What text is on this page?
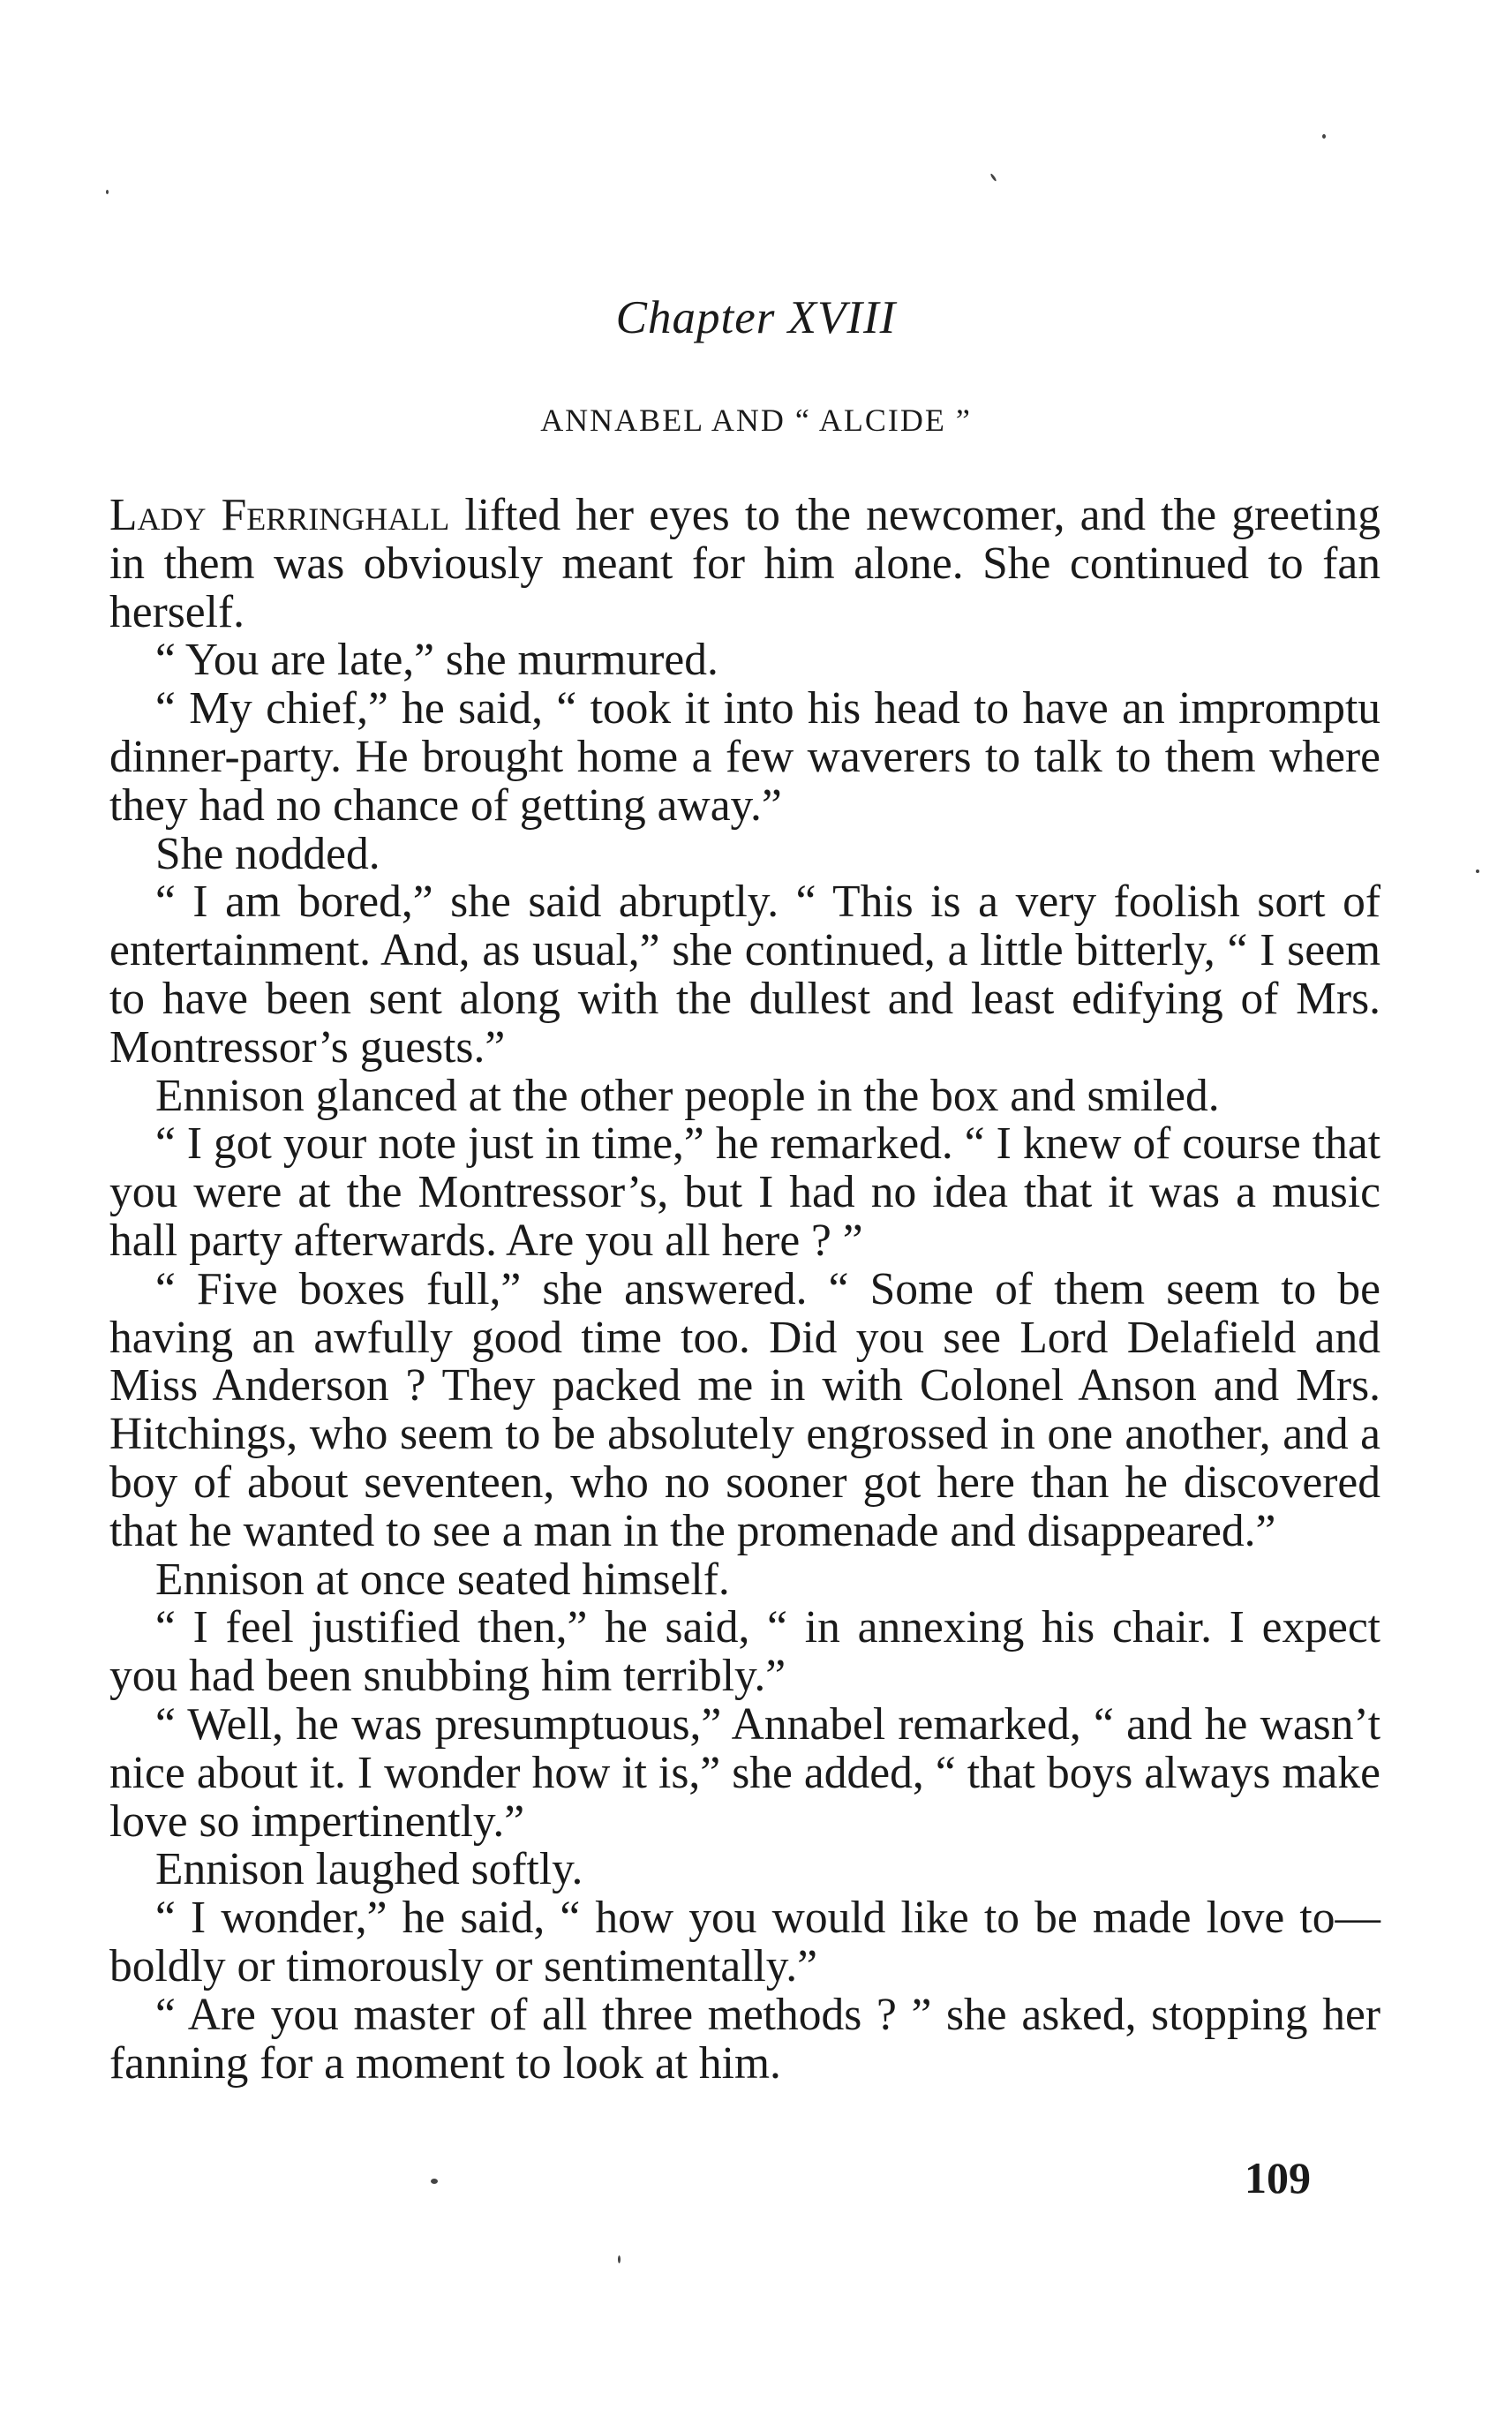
Chapter XVIII
ANNABEL AND “ ALCIDE ”

Lady Ferringhall lifted her eyes to the newcomer, and the greeting in them was obviously meant for him alone. She continued to fan herself.

“ You are late,” she murmured.

“ My chief,” he said, “ took it into his head to have an impromptu dinner-party. He brought home a few waverers to talk to them where they had no chance of getting away.”

She nodded.

“ I am bored,” she said abruptly. “ This is a very foolish sort of entertainment. And, as usual,” she continued, a little bitterly, “ I seem to have been sent along with the dullest and least edifying of Mrs. Montressor’s guests.”

Ennison glanced at the other people in the box and smiled.

“ I got your note just in time,” he remarked. “ I knew of course that you were at the Montressor’s, but I had no idea that it was a music hall party afterwards. Are you all here ? ”

“ Five boxes full,” she answered. “ Some of them seem to be having an awfully good time too. Did you see Lord Delafield and Miss Anderson ? They packed me in with Colonel Anson and Mrs. Hitchings, who seem to be absolutely engrossed in one another, and a boy of about seventeen, who no sooner got here than he discovered that he wanted to see a man in the promenade and disappeared.”

Ennison at once seated himself.

“ I feel justified then,” he said, “ in annexing his chair. I expect you had been snubbing him terribly.”

“ Well, he was presumptuous,” Annabel remarked, “ and he wasn’t nice about it. I wonder how it is,” she added, “ that boys always make love so impertinently.”

Ennison laughed softly.

“ I wonder,” he said, “ how you would like to be made love to—boldly or timorously or sentimentally.”

“ Are you master of all three methods ? ” she asked, stopping her fanning for a moment to look at him.

109
